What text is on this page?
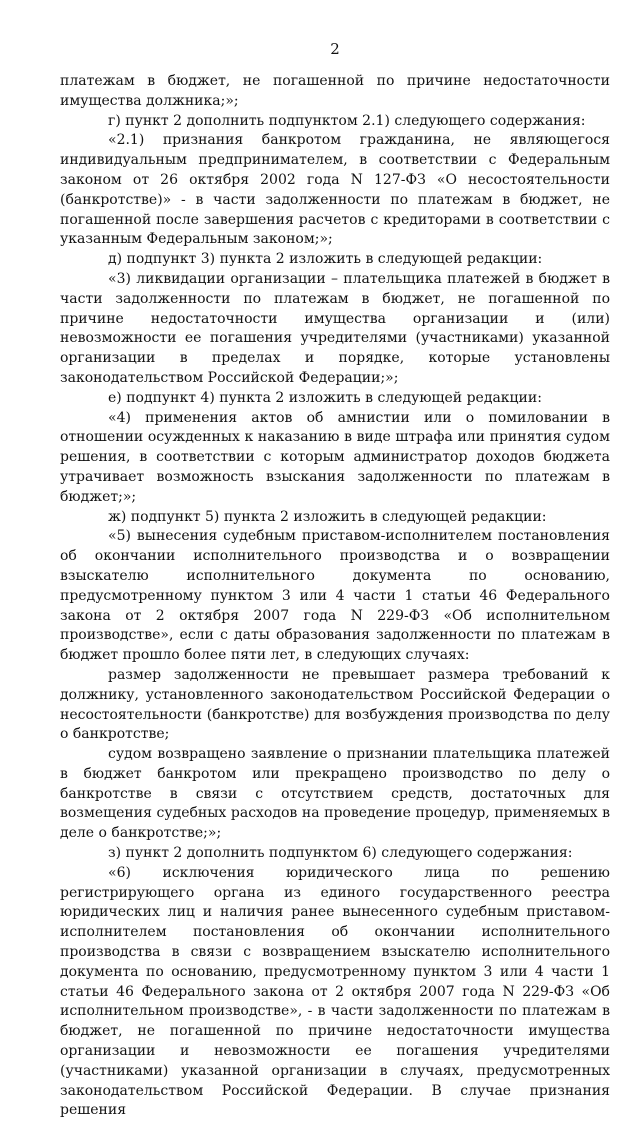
2

платежам в бюджет, не погашенной по причине недостаточности имущества должника;»;

г) пункт 2 дополнить подпунктом 2.1) следующего содержания:

«2.1) признания банкротом гражданина, не являющегося индивидуальным предпринимателем, в соответствии с Федеральным законом от 26 октября 2002 года N 127-ФЗ «О несостоятельности (банкротстве)» - в части задолженности по платежам в бюджет, не погашенной после завершения расчетов с кредиторами в соответствии с указанным Федеральным законом;»;

д) подпункт 3) пункта 2 изложить в следующей редакции:

«3) ликвидации организации – плательщика платежей в бюджет в части задолженности по платежам в бюджет, не погашенной по причине недостаточности имущества организации и (или) невозможности ее погашения учредителями (участниками) указанной организации в пределах и порядке, которые установлены законодательством Российской Федерации;»;

е) подпункт 4) пункта 2 изложить в следующей редакции:

«4) применения актов об амнистии или о помиловании в отношении осужденных к наказанию в виде штрафа или принятия судом решения, в соответствии с которым администратор доходов бюджета утрачивает возможность взыскания задолженности по платежам в бюджет;»;

ж) подпункт 5) пункта 2 изложить в следующей редакции:

«5) вынесения судебным приставом-исполнителем постановления об окончании исполнительного производства и о возвращении взыскателю исполнительного документа по основанию, предусмотренному пунктом 3 или 4 части 1 статьи 46 Федерального закона от 2 октября 2007 года N 229-ФЗ «Об исполнительном производстве», если с даты образования задолженности по платежам в бюджет прошло более пяти лет, в следующих случаях:

размер задолженности не превышает размера требований к должнику, установленного законодательством Российской Федерации о несостоятельности (банкротстве) для возбуждения производства по делу о банкротстве;

судом возвращено заявление о признании плательщика платежей в бюджет банкротом или прекращено производство по делу о банкротстве в связи с отсутствием средств, достаточных для возмещения судебных расходов на проведение процедур, применяемых в деле о банкротстве;»;

з) пункт 2 дополнить подпунктом 6) следующего содержания:

«6) исключения юридического лица по решению регистрирующего органа из единого государственного реестра юридических лиц и наличия ранее вынесенного судебным приставом-исполнителем постановления об окончании исполнительного производства в связи с возвращением взыскателю исполнительного документа по основанию, предусмотренному пунктом 3 или 4 части 1 статьи 46 Федерального закона от 2 октября 2007 года N 229-ФЗ «Об исполнительном производстве», - в части задолженности по платежам в бюджет, не погашенной по причине недостаточности имущества организации и невозможности ее погашения учредителями (участниками) указанной организации в случаях, предусмотренных законодательством Российской Федерации. В случае признания решения
